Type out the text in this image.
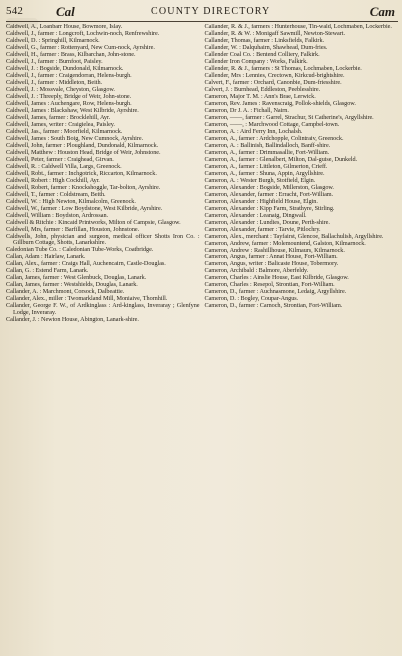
542	Cal	COUNTY DIRECTORY	Cam

Caldwell, A., Loanbarr House, Bowmore, Islay.

Caldwell, J., farmer : Longcroft, Lochwin-noch, Renfrewshire.

Caldwell, D. : Springhill, Kilmarnock.

Caldwell, G., farmer : Rottenyard, New Cum-nock, Ayrshire.

Caldwell, H., farmer : Brass, Kilbarchan, John-stone.

Caldwell, J., farmer : Burnfoot, Paisley.

Caldwell, J. : Bogside, Dundonald, Kilmarnock.

Caldwell, J., farmer : Craigendorran, Helens-burgh.

Caldwell, J., farmer : Middleton, Beith.

Caldwell, J. : Mossvale, Cheyston, Glasgow.

Caldwell, J. : Threeply, Bridge of Weir, John-stone.

Caldwell, James : Auchengare, Row, Helens-burgh.

Caldwell, James : Blackshaw, West Kilbride, Ayrshire.

Caldwell, James, farmer : Brocklehill, Ayr.

Caldwell, James, writer : Craigielea, Paisley.

Caldwell, Jas., farmer : Moorfield, Kilmarnock.

Caldwell, James : South Boig, New Cumnock, Ayrshire.

Caldwell, John, farmer : Ploughland, Dundonald, Kilmarnock.

Caldwell, Matthew : Houston Head, Bridge of Weir, Johnstone.

Caldwell, Peter, farmer : Craighead, Girvan.

Caldwell, R. : Caldwell Villa, Largs, Greenock.

Caldwell, Robt., farmer : Inchgotrick, Riccarton, Kilmarnock.

Caldwell, Robert : High Cockhill, Ayr.

Caldwell, Robert, farmer : Knockshoggle, Tar-bolton, Ayrshire.

Caldwell, T., farmer : Coldstream, Beith.

Caldwell, W. : High Newton, Kilmalcolm, Greenock.

Caldwell, W., farmer : Low Boydstone, West Kilbride, Ayrshire.

Caldwell, William : Boydston, Ardrossan.

Caldwell & Ritchie : Kincaid Printworks, Milton of Campsie, Glasgow.

Caldwell, Mrs, farmer : Barfillan, Houston, Johnstone.

Caldwells, John, physician and surgeon, medical officer Shotts Iron Co. : Gillburn Cottage, Shotts, Lanarkshire.

Caledonian Tube Co. : Caledonian Tube-Works, Coatbridge.

Callan, Adam : Hairlaw, Lanark.

Callan, Alex., farmer : Craigs Hall, Auchencairn, Castle-Douglas.

Callan, G. : Estend Farm, Lanark.

Callan, James, farmer : West Glenbuck, Douglas, Lanark.

Callan, James, farmer : Westshields, Douglas, Lanark.

Callander, A. : Marchmont, Corsock, Dalbeattie.

Callander, Alex., miller : Twomarkland Mill, Moniaive, Thornhill.

Callander, George F. W., of Ardkinglass : Ard-kinglass, Inveraray ; Glenfyne Lodge, Inveraray.

Callander, J. : Newton House, Abington, Lanark-shire.

Callander, R. & J., farmers : Hunterhouse, Tin-wald, Lochmaben, Lockerbie.

Callander, R. & W. : Monigaff Sawmill, Newton-Stewart.

Callander, Thomas, farmer : Linksfields, Falkirk.

Callander, W. : Dalquhairn, Shawhead, Dum-fries.

Callender Coal Co. : Bentend Colliery, Falkirk.

Callender Iron Company : Works, Falkirk.

Callender, R. & J., farmers : St Thomas, Lochmaben, Lockerbie.

Callender, Mrs : Lennies, Crectown, Kirkcud-brightshire.

Calvert, F., farmer : Orchard, Canonbie, Dum-friesshire.

Calvert, J. : Burnhead, Eddleston, Peeblesshire.

Cameron, Major T. M. : Ann's Brae, Lerwick.

Cameron, Rev. James : Ravenscraig, Pollok-shields, Glasgow.

Cameron, Dr J. A. : Fichall, Nairn.

Cameron, ——, farmer : Garrel, Strachur, St Catherine's, Argyllshire.

Cameron, ——, : Marchwood Cottage, Campbel-town.

Cameron, A. : Aird Ferry Inn, Lochalsh.

Cameron, A., farmer : Ardchopple, Colintraiv, Greenock.

Cameron, A. : Ballinish, Ballindalloch, Banff-shire.

Cameron, A., farmer : Drimmasallie, Fort-William.

Cameron, A., farmer : Glenalbert, Milton, Dal-guise, Dunkeld.

Cameron, A., farmer : Littleton, Gilmerton, Crieff.

Cameron, A., farmer : Shuna, Appin, Argyllshire.

Cameron, A. : Wester Burgh, Stotfield, Elgin.

Cameron, Alexander : Bogside, Millerston, Glasgow.

Cameron, Alexander, farmer : Erracht, Fort-William.

Cameron, Alexander : Highfield House, Elgin.

Cameron, Alexander : Kipp Farm, Strathyre, Stirling.

Cameron, Alexander : Leanaig, Dingwall.

Cameron, Alexander : Lundies, Doune, Perth-shire.

Cameron, Alexander, farmer : Tarvie, Pitlochry.

Cameron, Alex., merchant : Tayfairst, Glencoe, Ballachulish, Argyllshire.

Cameron, Andrew, farmer : Molemountend, Galston, Kilmarnock.

Cameron, Andrew : Rashillhouse, Kilmaurs, Kilmarnock.

Cameron, Angus, farmer : Annat House, Fort-William.

Cameron, Angus, writer : Balicaste House, Tobermory.

Cameron, Archibald : Balmore, Aberfeldy.

Cameron, Charles : Ainslie House, East Kilbride, Glasgow.

Cameron, Charles : Resepol, Strontian, Fort-William.

Cameron, D., farmer : Auchnasmone, Ledaig, Argyllshire.

Cameron, D. : Bogley, Coupar-Angus.

Cameron, D., farmer : Carnoch, Strontian, Fort-William.
